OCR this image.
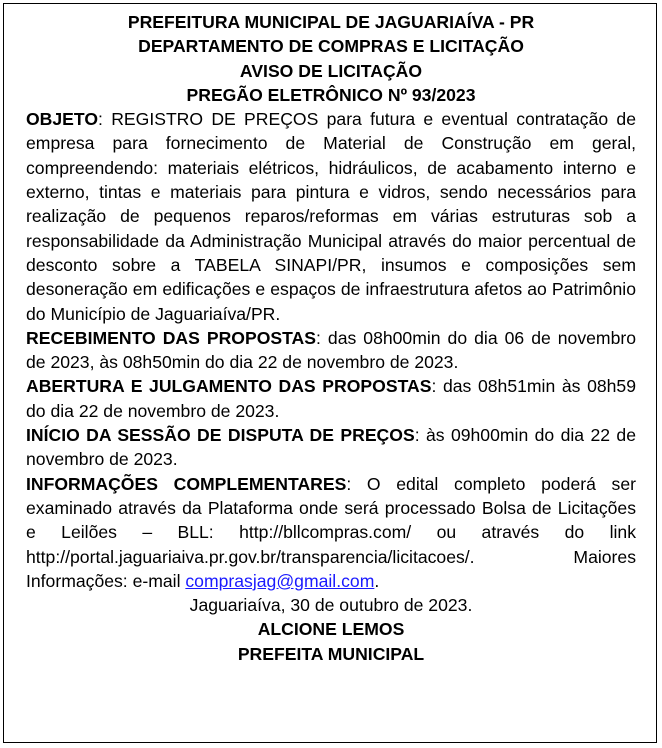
PREFEITURA MUNICIPAL DE JAGUARIAÍVA - PR

DEPARTAMENTO DE COMPRAS E LICITAÇÃO

AVISO DE LICITAÇÃO

PREGÃO ELETRÔNICO Nº 93/2023

OBJETO: REGISTRO DE PREÇOS para futura e eventual contratação de empresa para fornecimento de Material de Construção em geral, compreendendo: materiais elétricos, hidráulicos, de acabamento interno e externo, tintas e materiais para pintura e vidros, sendo necessários para realização de pequenos reparos/reformas em várias estruturas sob a responsabilidade da Administração Municipal através do maior percentual de desconto sobre a TABELA SINAPI/PR, insumos e composições sem desoneração em edificações e espaços de infraestrutura afetos ao Patrimônio do Município de Jaguariaíva/PR.

RECEBIMENTO DAS PROPOSTAS: das 08h00min do dia 06 de novembro de 2023, às 08h50min do dia 22 de novembro de 2023.

ABERTURA E JULGAMENTO DAS PROPOSTAS: das 08h51min às 08h59 do dia 22 de novembro de 2023.

INÍCIO DA SESSÃO DE DISPUTA DE PREÇOS: às 09h00min do dia 22 de novembro de 2023.

INFORMAÇÕES COMPLEMENTARES: O edital completo poderá ser examinado através da Plataforma onde será processado Bolsa de Licitações e Leilões – BLL: http://bllcompras.com/ ou através do link http://portal.jaguariaiva.pr.gov.br/transparencia/licitacoes/. Maiores Informações: e-mail comprasjag@gmail.com.

Jaguariaíva, 30 de outubro de 2023.

ALCIONE LEMOS

PREFEITA MUNICIPAL
